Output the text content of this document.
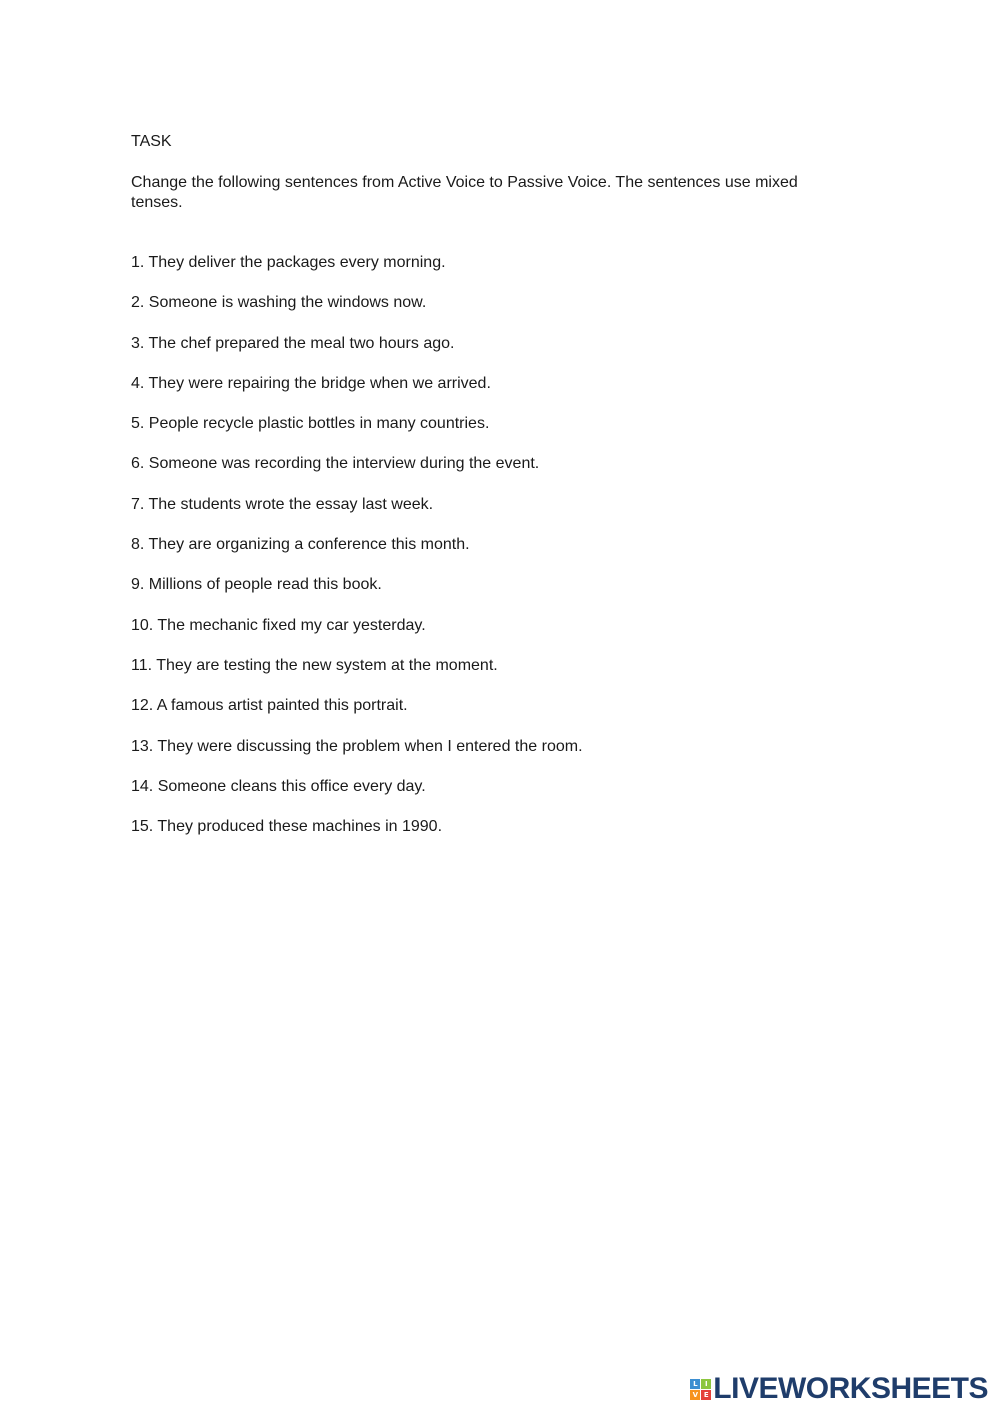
TASK

Change the following sentences from Active Voice to Passive Voice. The sentences use mixed tenses.

1. They deliver the packages every morning.
2. Someone is washing the windows now.
3. The chef prepared the meal two hours ago.
4. They were repairing the bridge when we arrived.
5. People recycle plastic bottles in many countries.
6. Someone was recording the interview during the event.
7. The students wrote the essay last week.
8. They are organizing a conference this month.
9. Millions of people read this book.
10. The mechanic fixed my car yesterday.
11. They are testing the new system at the moment.
12. A famous artist painted this portrait.
13. They were discussing the problem when I entered the room.
14. Someone cleans this office every day.
15. They produced these machines in 1990.
L	I
V E LIVEWORKSHEETS
